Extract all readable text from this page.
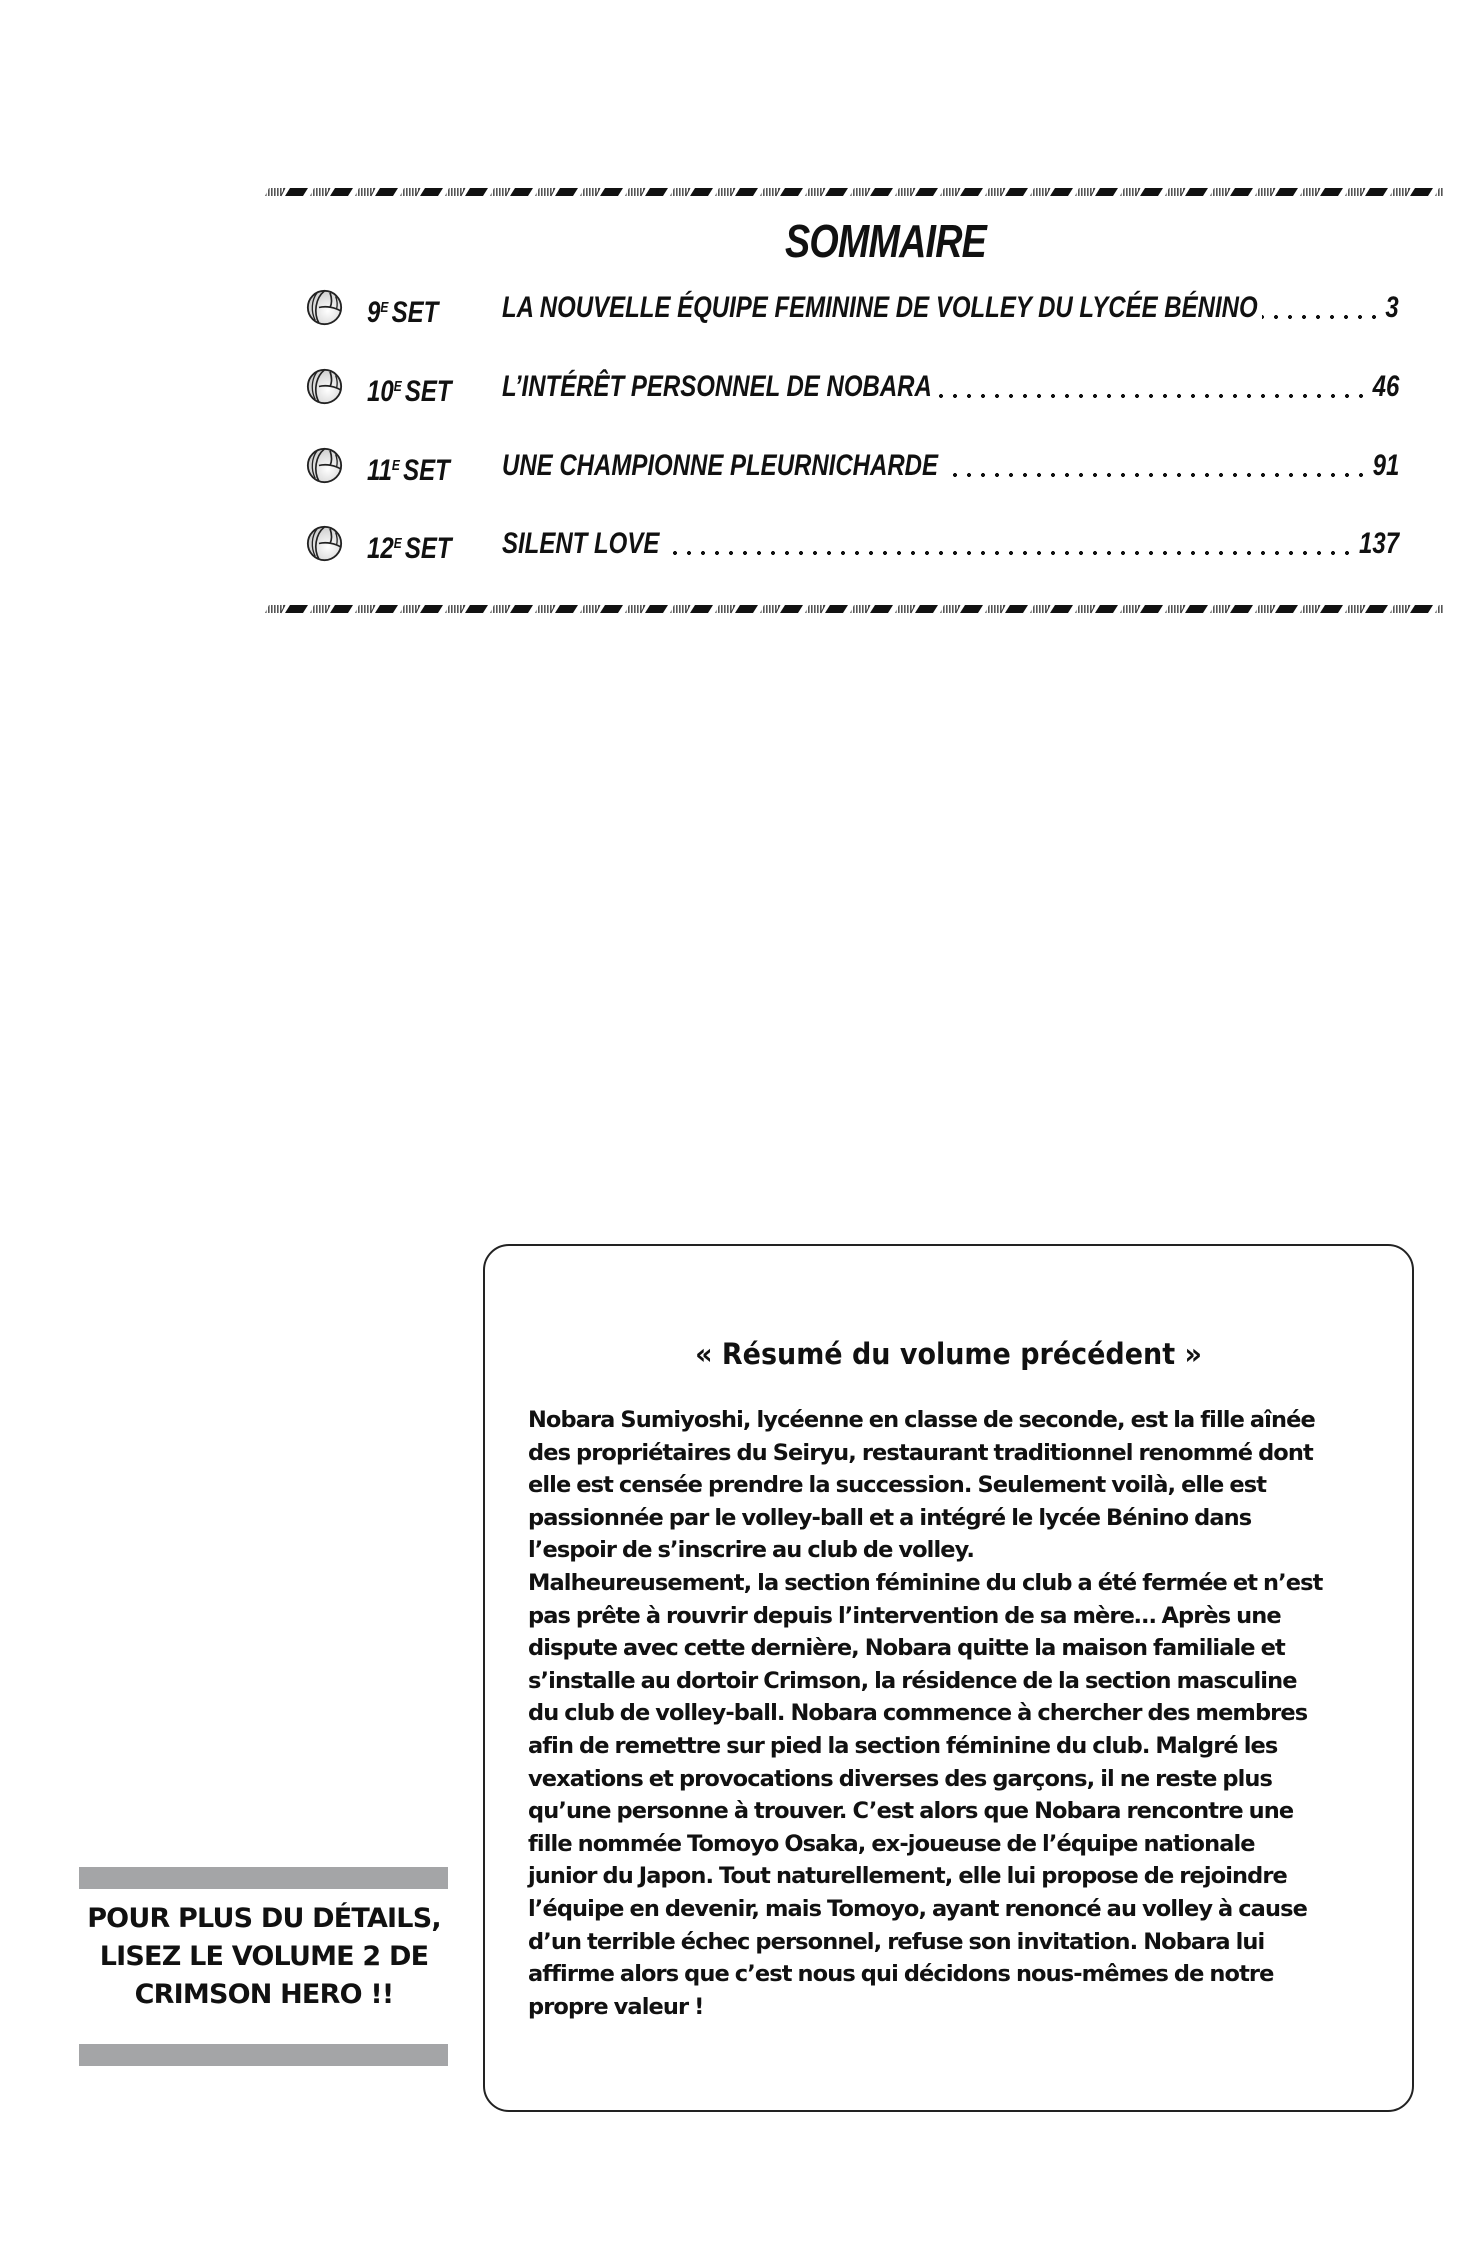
SOMMAIRE
$9^E$ SET	LA NOUVELLE ÉQUIPE FEMININE DE VOLLEY DU LYCÉE BÉNINO	3
$10^E$ SET	L’INTÉRÊT PERSONNEL DE NOBARA	46
$11^E$ SET	UNE CHAMPIONNE PLEURNICHARDE	91
$12^E$ SET	SILENT LOVE	137
« Résumé du volume précédent »
Nobara Sumiyoshi, lycéenne en classe de seconde, est la fille aînée
des propriétaires du Seiryu, restaurant traditionnel renommé dont
elle est censée prendre la succession. Seulement voilà, elle est
passionnée par le volley-ball et a intégré le lycée Bénino dans
l’espoir de s’inscrire au club de volley.
Malheureusement, la section féminine du club a été fermée et n’est
pas prête à rouvrir depuis l’intervention de sa mère… Après une
dispute avec cette dernière, Nobara quitte la maison familiale et
s’installe au dortoir Crimson, la résidence de la section masculine
du club de volley-ball. Nobara commence à chercher des membres
afin de remettre sur pied la section féminine du club. Malgré les
vexations et provocations diverses des garçons, il ne reste plus
qu’une personne à trouver. C’est alors que Nobara rencontre une
fille nommée Tomoyo Osaka, ex-joueuse de l’équipe nationale
junior du Japon. Tout naturellement, elle lui propose de rejoindre
l’équipe en devenir, mais Tomoyo, ayant renoncé au volley à cause
d’un terrible échec personnel, refuse son invitation. Nobara lui
affirme alors que c’est nous qui décidons nous-mêmes de notre
propre valeur !
POUR PLUS DU DÉTAILS,
LISEZ LE VOLUME 2 DE
CRIMSON HERO !!
